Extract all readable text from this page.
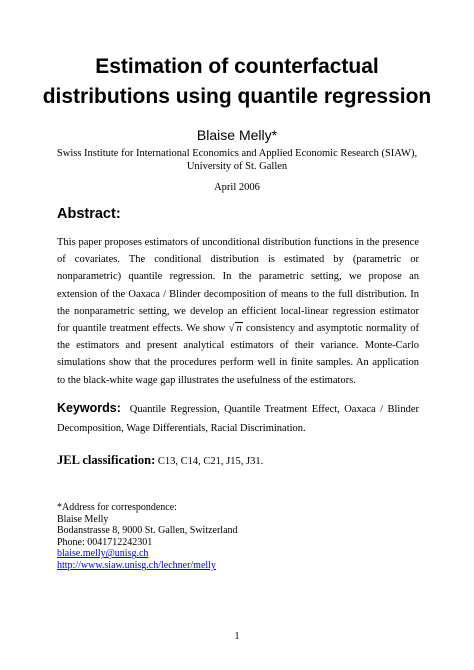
Estimation of counterfactual
distributions using quantile regression
Blaise Melly*
Swiss Institute for International Economics and Applied Economic Research (SIAW),
University of St. Gallen
April 2006
Abstract:

This paper proposes estimators of unconditional distribution functions in the presence of covariates. The conditional distribution is estimated by (parametric or nonparametric) quantile regression. In the parametric setting, we propose an extension of the Oaxaca / Blinder decomposition of means to the full distribution. In the nonparametric setting, we develop an efficient local-linear regression estimator for quantile treatment effects. We show √ n consistency and asymptotic normality of the estimators and present analytical estimators of their variance. Monte-Carlo simulations show that the procedures perform well in finite samples. An application to the black-white wage gap illustrates the usefulness of the estimators.

Keywords: Quantile Regression, Quantile Treatment Effect, Oaxaca / Blinder Decomposition, Wage Differentials, Racial Discrimination.
JEL classification: C13, C14, C21, J15, J31.
*Address for correspondence:
Blaise Melly
Bodanstrasse 8, 9000 St. Gallen, Switzerland
Phone: 0041712242301
blaise.melly@unisg.ch
http://www.siaw.unisg.ch/lechner/melly
1
